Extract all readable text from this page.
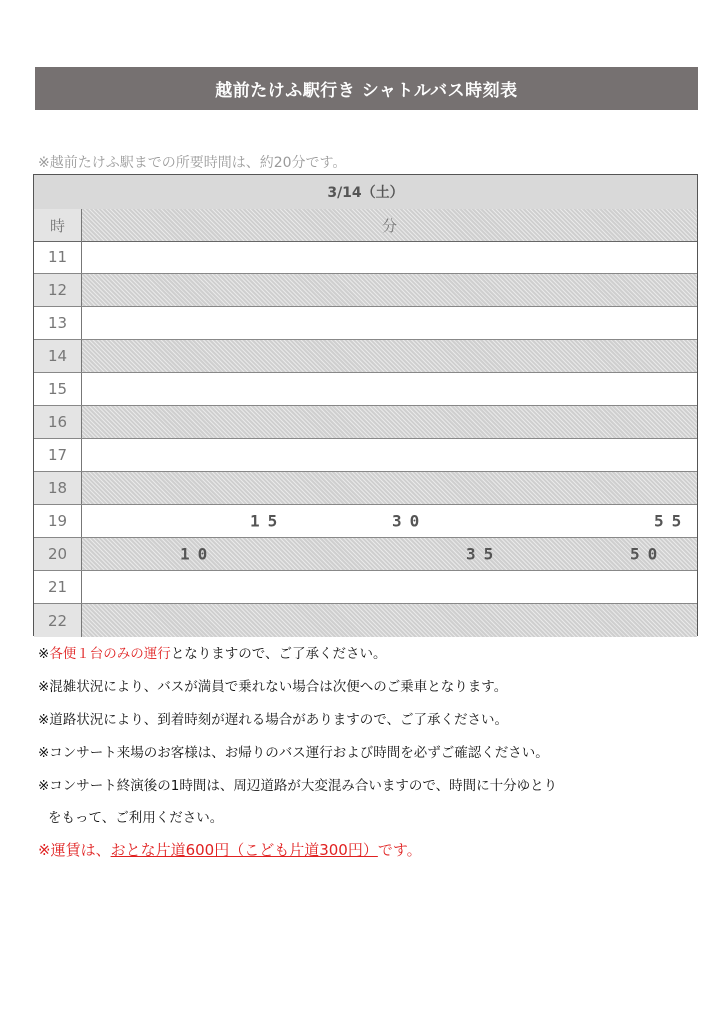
越前たけふ駅行き シャトルバス時刻表
※越前たけふ駅までの所要時間は、約20分です。
3/14（土）
時	分
11
12
13
14
15
16
17
18
19	15	30	55
20	10	35	50
21
22
※各便１台のみの運行となりますので、ご了承ください。
※混雑状況により、バスが満員で乗れない場合は次便へのご乗車となります。
※道路状況により、到着時刻が遅れる場合がありますので、ご了承ください。
※コンサート来場のお客様は、お帰りのバス運行および時間を必ずご確認ください。
※コンサート終演後の1時間は、周辺道路が大変混み合いますので、時間に十分ゆとり
をもって、ご利用ください。
※運賃は、おとな片道600円（こども片道300円）です。
